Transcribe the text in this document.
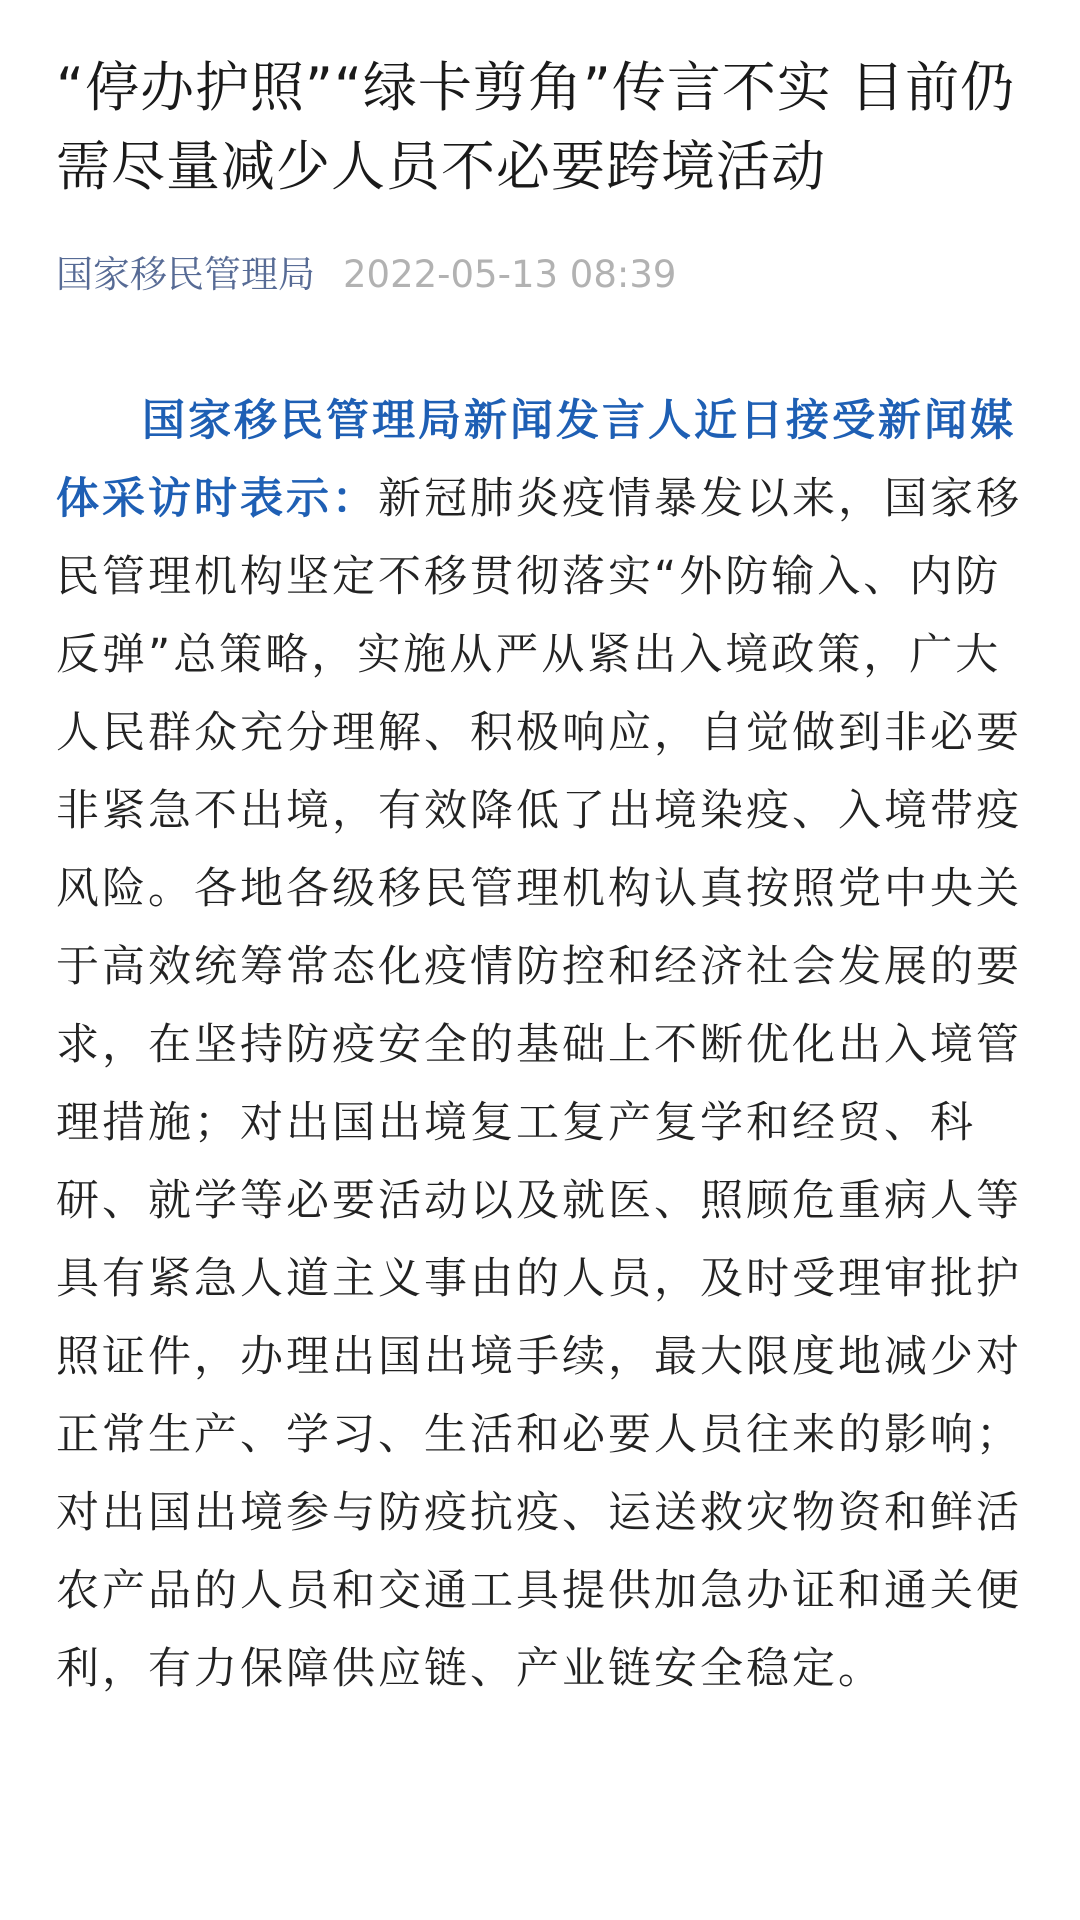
“停办护照”“绿卡剪角”传言不实 目前仍需尽量减少人员不必要跨境活动
国家移民管理局 2022-05-13 08:39

国家移民管理局新闻发言人近日接受新闻媒体采访时表示：新冠肺炎疫情暴发以来，国家移民管理机构坚定不移贯彻落实“外防输入、内防反弹”总策略，实施从严从紧出入境政策，广大人民群众充分理解、积极响应，自觉做到非必要非紧急不出境，有效降低了出境染疫、入境带疫风险。各地各级移民管理机构认真按照党中央关于高效统筹常态化疫情防控和经济社会发展的要求，在坚持防疫安全的基础上不断优化出入境管理措施；对出国出境复工复产复学和经贸、科研、就学等必要活动以及就医、照顾危重病人等具有紧急人道主义事由的人员，及时受理审批护照证件，办理出国出境手续，最大限度地减少对正常生产、学习、生活和必要人员往来的影响；对出国出境参与防疫抗疫、运送救灾物资和鲜活农产品的人员和交通工具提供加急办证和通关便利，有力保障供应链、产业链安全稳定。
